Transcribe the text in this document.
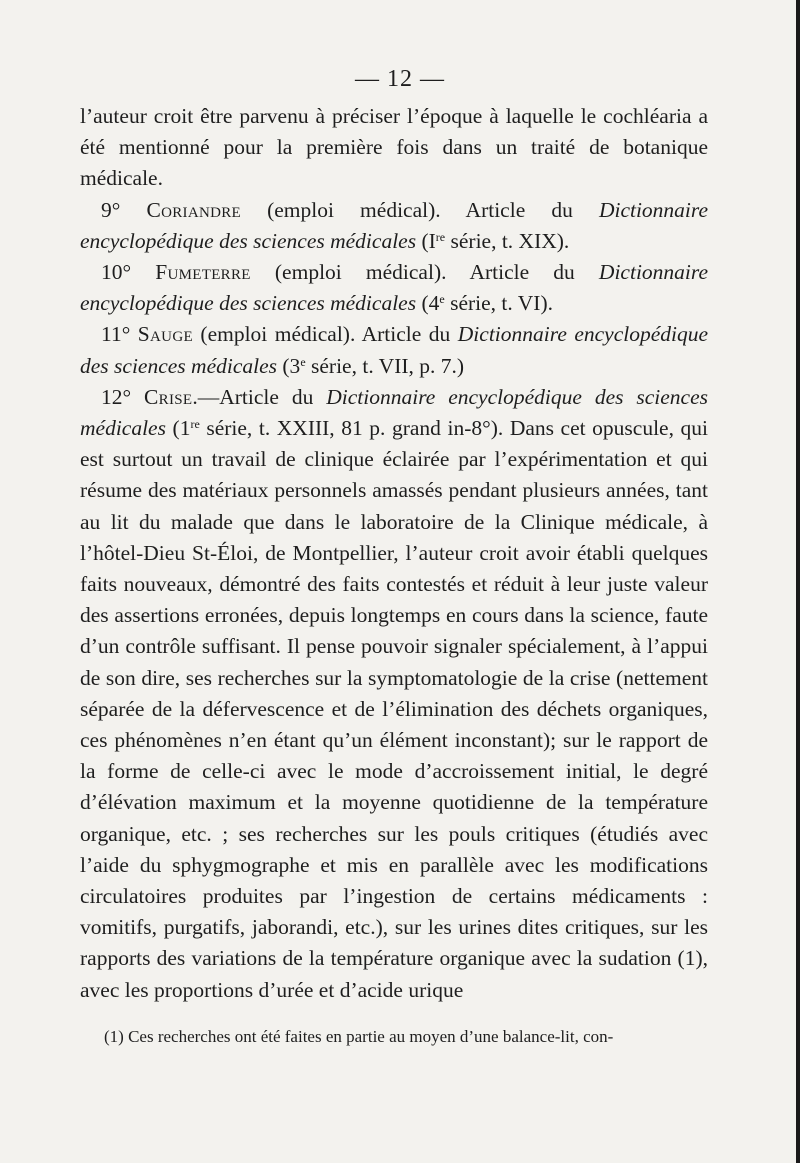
— 12 —

l’auteur croit être parvenu à préciser l’époque à laquelle le cochléaria a été mentionné pour la première fois dans un traité de botanique médicale.

9° Coriandre (emploi médical). Article du Dictionnaire encyclopédique des sciences médicales (Ire série, t. XIX).

10° Fumeterre (emploi médical). Article du Dictionnaire encyclopédique des sciences médicales (4e série, t. VI).

11° Sauge (emploi médical). Article du Dictionnaire encyclopédique des sciences médicales (3e série, t. VII, p. 7.)

12° Crise.—Article du Dictionnaire encyclopédique des sciences médicales (1re série, t. XXIII, 81 p. grand in-8°). Dans cet opuscule, qui est surtout un travail de clinique éclairée par l’expérimentation et qui résume des matériaux personnels amassés pendant plusieurs années, tant au lit du malade que dans le laboratoire de la Clinique médicale, à l’hôtel-Dieu St-Éloi, de Montpellier, l’auteur croit avoir établi quelques faits nouveaux, démontré des faits contestés et réduit à leur juste valeur des assertions erronées, depuis longtemps en cours dans la science, faute d’un contrôle suffisant. Il pense pouvoir signaler spécialement, à l’appui de son dire, ses recherches sur la symptomatologie de la crise (nettement séparée de la défervescence et de l’élimination des déchets organiques, ces phénomènes n’en étant qu’un élément inconstant); sur le rapport de la forme de celle-ci avec le mode d’accroissement initial, le degré d’élévation maximum et la moyenne quotidienne de la température organique, etc. ; ses recherches sur les pouls critiques (étudiés avec l’aide du sphygmographe et mis en parallèle avec les modifications circulatoires produites par l’ingestion de certains médicaments : vomitifs, purgatifs, jaborandi, etc.), sur les urines dites critiques, sur les rapports des variations de la température organique avec la sudation (1), avec les proportions d’urée et d’acide urique

(1) Ces recherches ont été faites en partie au moyen d’une balance-lit, con-
